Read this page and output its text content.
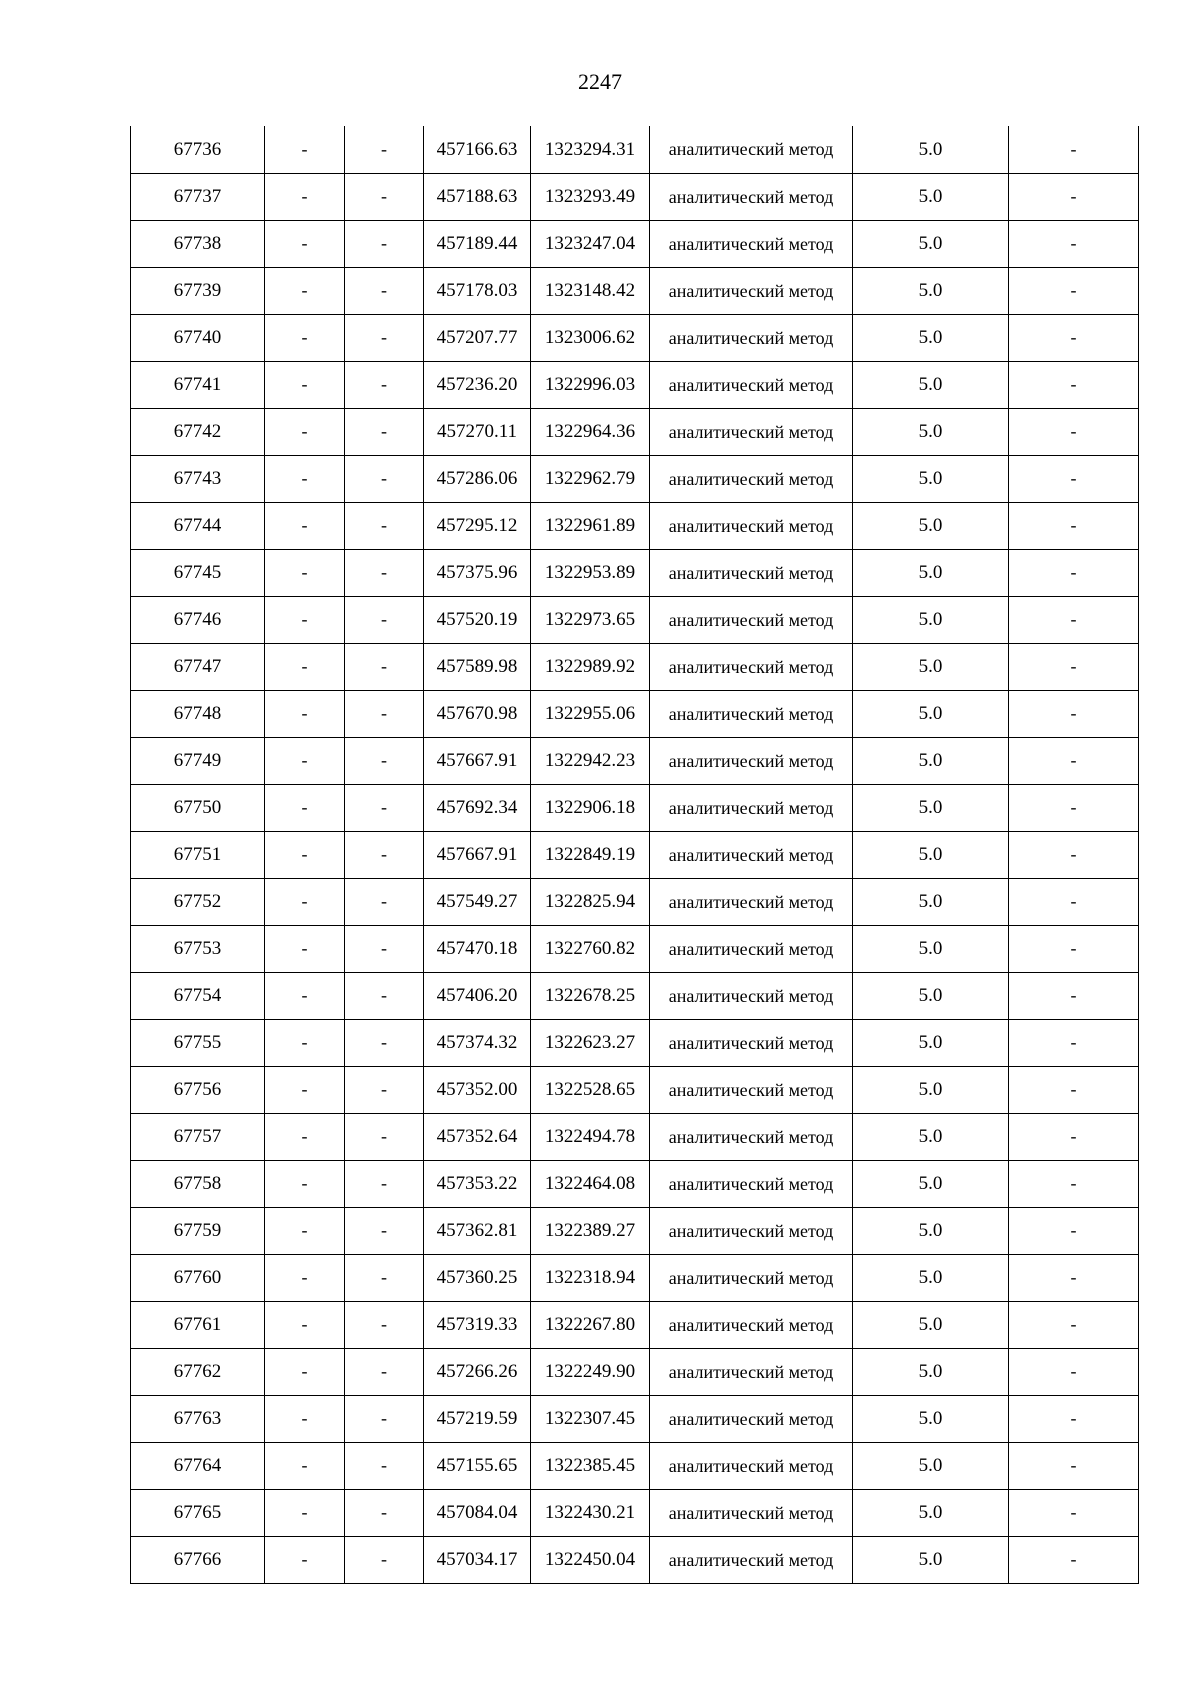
2247
67736	-	-	457166.63	1323294.31	аналитический метод	5.0	-
67737	-	-	457188.63	1323293.49	аналитический метод	5.0	-
67738	-	-	457189.44	1323247.04	аналитический метод	5.0	-
67739	-	-	457178.03	1323148.42	аналитический метод	5.0	-
67740	-	-	457207.77	1323006.62	аналитический метод	5.0	-
67741	-	-	457236.20	1322996.03	аналитический метод	5.0	-
67742	-	-	457270.11	1322964.36	аналитический метод	5.0	-
67743	-	-	457286.06	1322962.79	аналитический метод	5.0	-
67744	-	-	457295.12	1322961.89	аналитический метод	5.0	-
67745	-	-	457375.96	1322953.89	аналитический метод	5.0	-
67746	-	-	457520.19	1322973.65	аналитический метод	5.0	-
67747	-	-	457589.98	1322989.92	аналитический метод	5.0	-
67748	-	-	457670.98	1322955.06	аналитический метод	5.0	-
67749	-	-	457667.91	1322942.23	аналитический метод	5.0	-
67750	-	-	457692.34	1322906.18	аналитический метод	5.0	-
67751	-	-	457667.91	1322849.19	аналитический метод	5.0	-
67752	-	-	457549.27	1322825.94	аналитический метод	5.0	-
67753	-	-	457470.18	1322760.82	аналитический метод	5.0	-
67754	-	-	457406.20	1322678.25	аналитический метод	5.0	-
67755	-	-	457374.32	1322623.27	аналитический метод	5.0	-
67756	-	-	457352.00	1322528.65	аналитический метод	5.0	-
67757	-	-	457352.64	1322494.78	аналитический метод	5.0	-
67758	-	-	457353.22	1322464.08	аналитический метод	5.0	-
67759	-	-	457362.81	1322389.27	аналитический метод	5.0	-
67760	-	-	457360.25	1322318.94	аналитический метод	5.0	-
67761	-	-	457319.33	1322267.80	аналитический метод	5.0	-
67762	-	-	457266.26	1322249.90	аналитический метод	5.0	-
67763	-	-	457219.59	1322307.45	аналитический метод	5.0	-
67764	-	-	457155.65	1322385.45	аналитический метод	5.0	-
67765	-	-	457084.04	1322430.21	аналитический метод	5.0	-
67766	-	-	457034.17	1322450.04	аналитический метод	5.0	-
